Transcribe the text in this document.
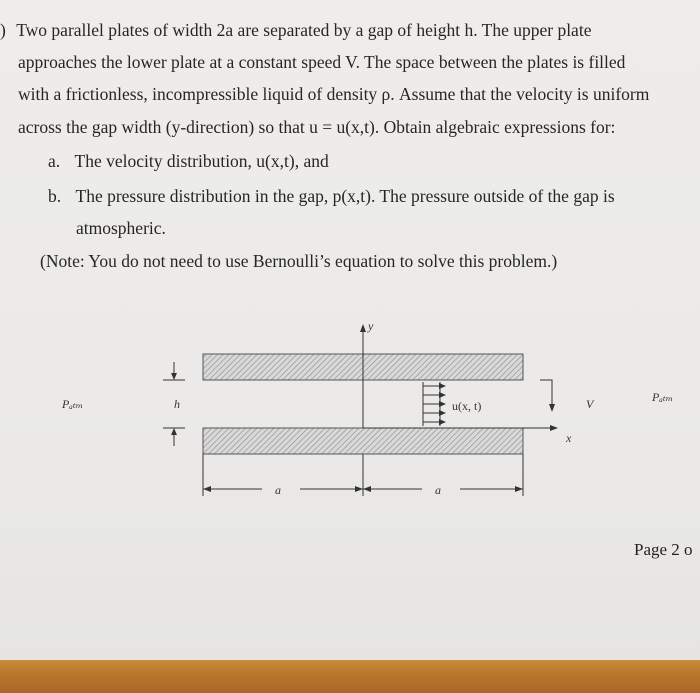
) Two parallel plates of width 2a are separated by a gap of height h. The upper plate
approaches the lower plate at a constant speed V. The space between the plates is filled
with a frictionless, incompressible liquid of density ρ. Assume that the velocity is uniform
across the gap width (y-direction) so that u = u(x,t). Obtain algebraic expressions for:
a. The velocity distribution, u(x,t), and
b. The pressure distribution in the gap, p(x,t). The pressure outside of the gap is
atmospheric.
(Note: You do not need to use Bernoulli’s equation to solve this problem.)
y
x
u(x, t)	V
h
Pₐₜₘ	Pₐₜₘ
a	a
Page 2 o
